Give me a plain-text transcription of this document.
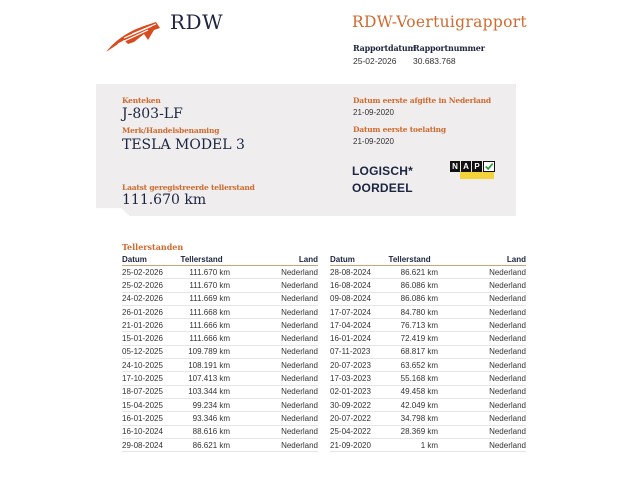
RDW	RDW-Voertuigrapport
Rapportdatum
25-02-2026
Rapportnummer
30.683.768
Kenteken
J-803-LF
Merk/Handelsbenaming
TESLA MODEL 3
Laatst geregistreerde tellerstand
111.670 km
Datum eerste afgifte in Nederland
21-09-2020
Datum eerste toelating
21-09-2020
LOGISCH*
OORDEEL
N A P
Tellerstanden
Datum	Tellerstand	Land
25-02-2026	111.670 km	Nederland
25-02-2026	111.670 km	Nederland
24-02-2026	111.669 km	Nederland
26-01-2026	111.668 km	Nederland
21-01-2026	111.666 km	Nederland
15-01-2026	111.666 km	Nederland
05-12-2025	109.789 km	Nederland
24-10-2025	108.191 km	Nederland
17-10-2025	107.413 km	Nederland
18-07-2025	103.344 km	Nederland
15-04-2025	99.234 km	Nederland
16-01-2025	93.346 km	Nederland
16-10-2024	88.616 km	Nederland
29-08-2024	86.621 km	Nederland
Datum	Tellerstand	Land
28-08-2024	86.621 km	Nederland
16-08-2024	86.086 km	Nederland
09-08-2024	86.086 km	Nederland
17-07-2024	84.780 km	Nederland
17-04-2024	76.713 km	Nederland
16-01-2024	72.419 km	Nederland
07-11-2023	68.817 km	Nederland
20-07-2023	63.652 km	Nederland
17-03-2023	55.168 km	Nederland
02-01-2023	49.458 km	Nederland
30-09-2022	42.049 km	Nederland
20-07-2022	34.798 km	Nederland
25-04-2022	28.369 km	Nederland
21-09-2020	1 km	Nederland
